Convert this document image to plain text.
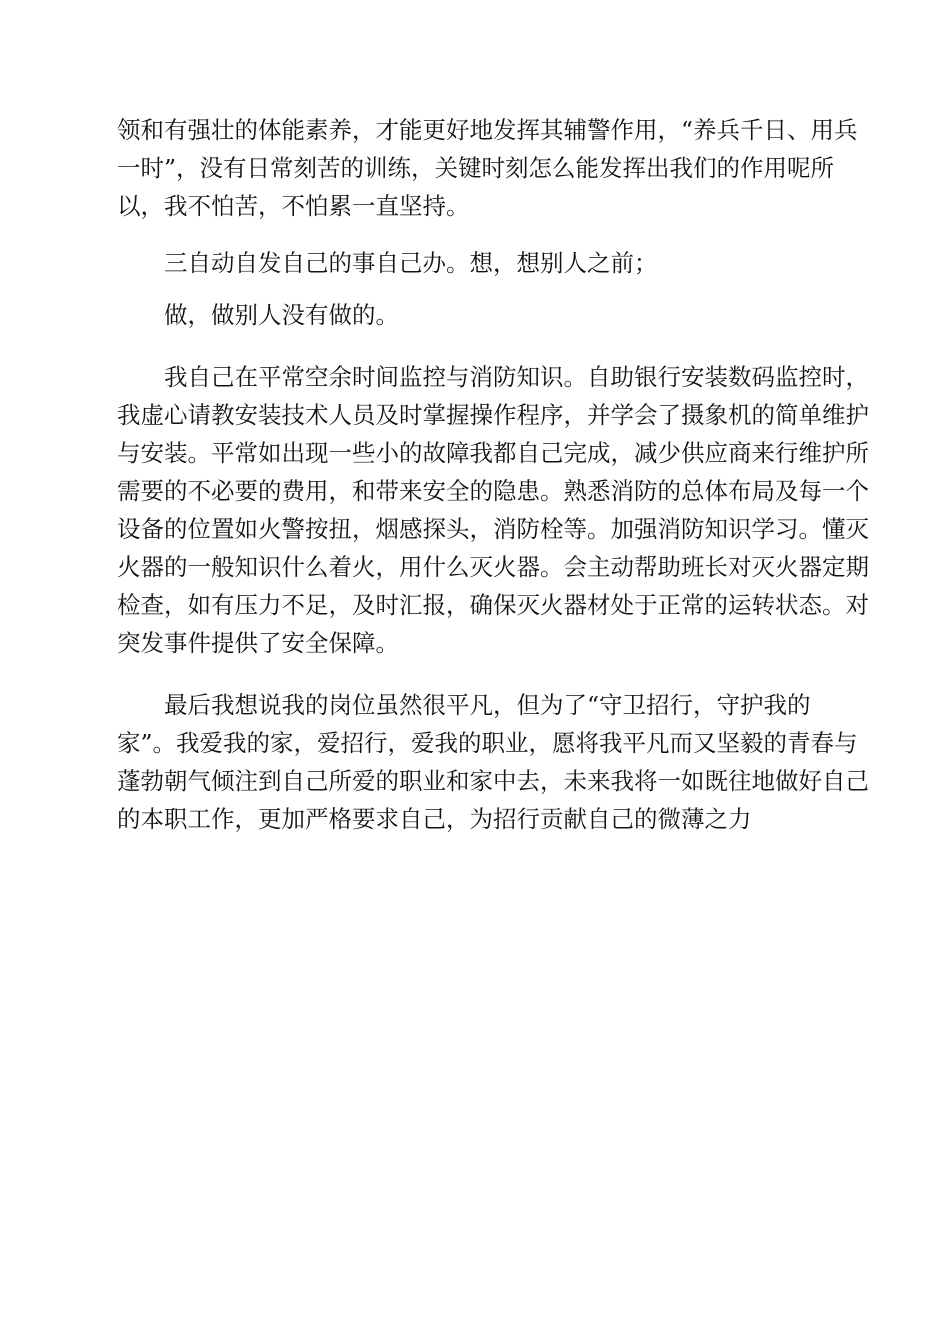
领和有强壮的体能素养，才能更好地发挥其辅警作用，“养兵千日、用兵
一时”，没有日常刻苦的训练，关键时刻怎么能发挥出我们的作用呢所
以，我不怕苦，不怕累一直坚持。

三自动自发自己的事自己办。想，想别人之前；

做，做别人没有做的。

我自己在平常空余时间监控与消防知识。自助银行安装数码监控时，
我虚心请教安装技术人员及时掌握操作程序，并学会了摄象机的简单维护
与安装。平常如出现一些小的故障我都自己完成，减少供应商来行维护所
需要的不必要的费用，和带来安全的隐患。熟悉消防的总体布局及每一个
设备的位置如火警按扭，烟感探头，消防栓等。加强消防知识学习。懂灭
火器的一般知识什么着火，用什么灭火器。会主动帮助班长对灭火器定期
检查，如有压力不足，及时汇报，确保灭火器材处于正常的运转状态。对
突发事件提供了安全保障。

最后我想说我的岗位虽然很平凡，但为了“守卫招行，守护我的
家”。我爱我的家，爱招行，爱我的职业，愿将我平凡而又坚毅的青春与
蓬勃朝气倾注到自己所爱的职业和家中去，未来我将一如既往地做好自己
的本职工作，更加严格要求自己，为招行贡献自己的微薄之力
